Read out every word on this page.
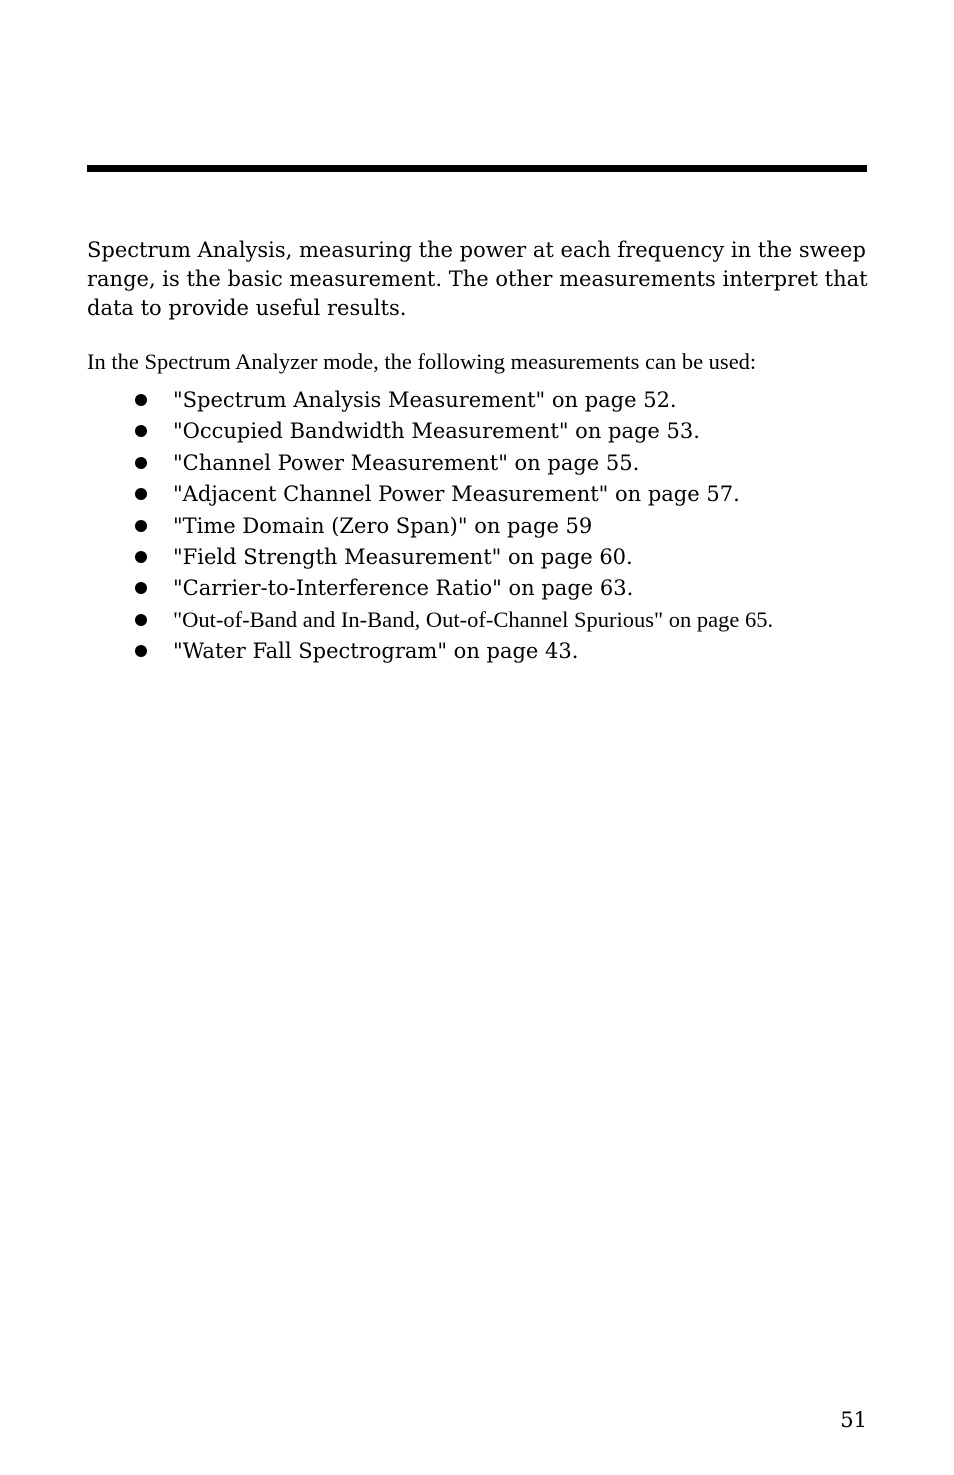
Spectrum Analysis, measuring the power at each frequency in the sweep range, is the basic measurement. The other measurements interpret that data to provide useful results.

In the Spectrum Analyzer mode, the following measurements can be used:

"Spectrum Analysis Measurement" on page 52.
"Occupied Bandwidth Measurement" on page 53.
"Channel Power Measurement" on page 55.
"Adjacent Channel Power Measurement" on page 57.
"Time Domain (Zero Span)" on page 59
"Field Strength Measurement" on page 60.
"Carrier-to-Interference Ratio" on page 63.
"Out-of-Band and In-Band, Out-of-Channel Spurious" on page 65.
"Water Fall Spectrogram" on page 43.

51
